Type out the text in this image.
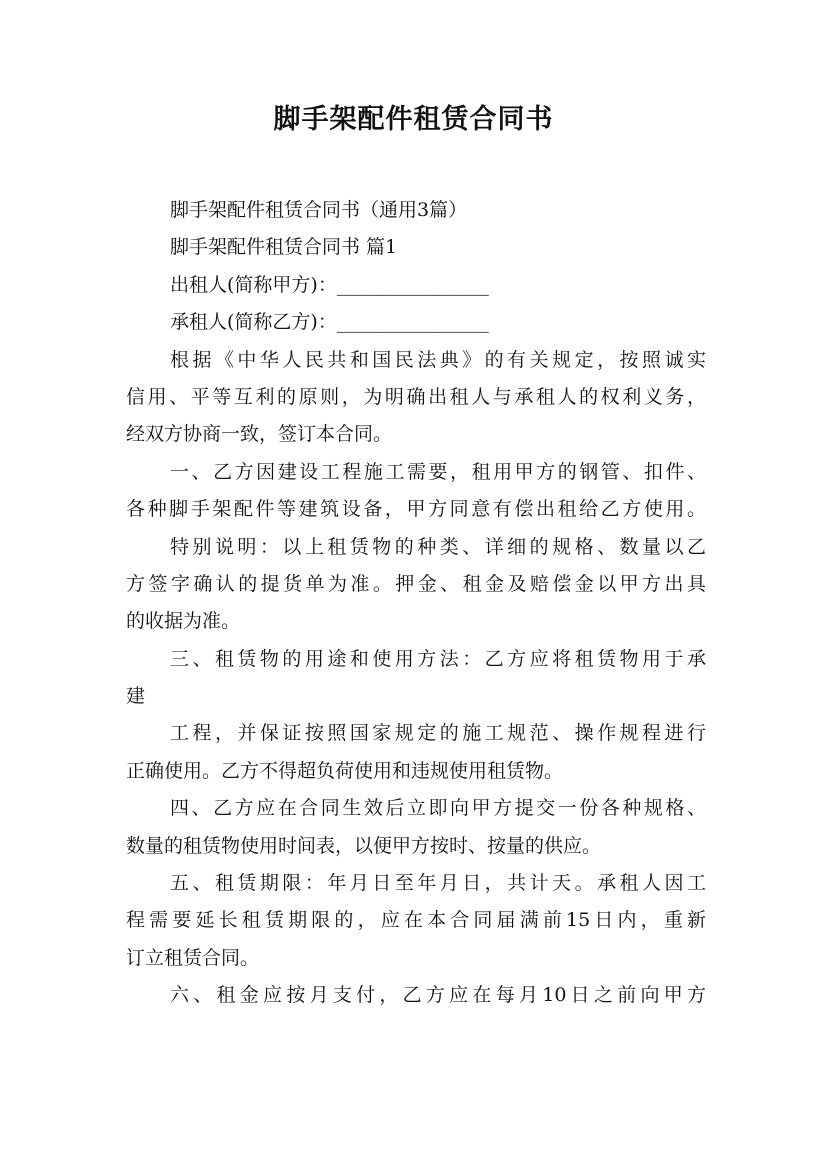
脚手架配件租赁合同书
脚手架配件租赁合同书（通用3篇）
脚手架配件租赁合同书 篇1
出租人(简称甲方)：________________
承租人(简称乙方)：________________
根据《中华人民共和国民法典》的有关规定，按照诚实
信用、平等互利的原则，为明确出租人与承租人的权利义务，
经双方协商一致，签订本合同。
一、乙方因建设工程施工需要，租用甲方的钢管、扣件、
各种脚手架配件等建筑设备，甲方同意有偿出租给乙方使用。
特别说明：以上租赁物的种类、详细的规格、数量以乙
方签字确认的提货单为准。押金、租金及赔偿金以甲方出具
的收据为准。
三、租赁物的用途和使用方法：乙方应将租赁物用于承
建
工程，并保证按照国家规定的施工规范、操作规程进行
正确使用。乙方不得超负荷使用和违规使用租赁物。
四、乙方应在合同生效后立即向甲方提交一份各种规格、
数量的租赁物使用时间表，以便甲方按时、按量的供应。
五、租赁期限：年月日至年月日，共计天。承租人因工
程需要延长租赁期限的，应在本合同届满前15日内，重新
订立租赁合同。
六、租金应按月支付，乙方应在每月10日之前向甲方
